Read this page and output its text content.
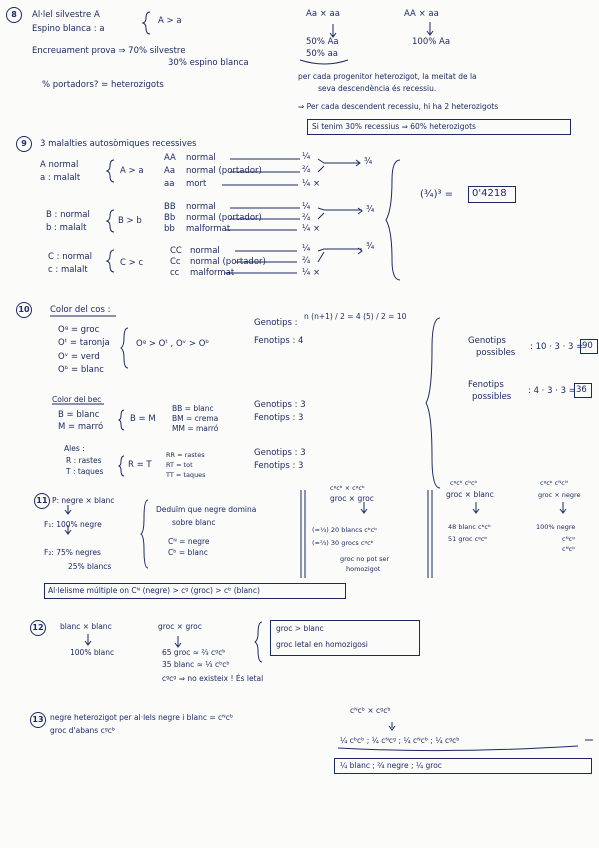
8	Al·lel silvestre A
Espino blanca : a
A > a
Aa × aa
50% Aa
50% aa
AA × aa
100% Aa
Encreuament prova ⇒ 70% silvestre
30% espino blanca
% portadors? = heterozigots
per cada progenitor heterozigot, la meitat de la
seva descendència és recessiu.
⇒ Per cada descendent recessiu, hi ha 2 heterozigots
Si tenim 30% recessius ⇒ 60% heterozigots
9	3 malalties autosòmiques recessives
A normal
a : malalt
A > a
AA normal	¼
Aa normal (portador)	²⁄₄
aa mort	¼ ×
¾
B : normal
b : malalt
B > b
BB normal	¼
Bb normal (portador)	²⁄₄
bb malformat	¼ ×
¾
C : normal
c : malalt
C > c
CC normal	¼
Cc normal (portador)	²⁄₄
cc malformat	¼ ×
¾
(¾)³ = 0'4218
10 Color del cos :
Oᵍ = groc
Oᵗ = taronja
Oᵛ = verd
Oᵇ = blanc
Oᵍ > Oᵗ , Oᵛ > Oᵇ
Genotips :
n (n+1) / 2 = 4 (5) / 2 = 10
Fenotips : 4
Color del bec
B = blanc
M = marró
B = M
BB = blanc
BM = crema
MM = marró
Genotips : 3
Fenotips : 3
Ales :
R : rastes
T : taques
R = T
RR = rastes
RT = tot
TT = taques
Genotips : 3
Fenotips : 3
Genotips
possibles
: 10 · 3 · 3 =
90
Fenotips
possibles
: 4 · 3 · 3 = 36
11 P: negre × blanc
F₁: 100% negre
F₂: 75% negres
25% blancs
Deduïm que negre domina
sobre blanc
Cᴺ = negre
Cᵇ = blanc
cᵍcᵇ × cᵍcᵇ
groc × groc
(≈⅓) 20 blancs cᵇcᵇ
(≈⅔) 30 grocs cᵍcᵇ
groc no pot ser
homozigot
cᵍcᵇ cᵇcᵇ
groc × blanc
48 blanc cᵇcᵇ
51 groc cᵍcᵇ
cᵍcᵇ cᴺcᴺ
groc × negre
100% negre
cᴺcᵍ
cᴺcᵇ
Al·lelisme múltiple on Cᴺ (negre) > cᵍ (groc) > cᵇ (blanc)
12	blanc × blanc
100% blanc
groc × groc
65 groc ≈ ⅔ cᵍcᵇ
35 blanc ≈ ⅓ cᵇcᵇ
cᵍcᵍ ⇒ no existeix ! És letal
groc > blanc
groc letal en homozigosi
13 negre heterozigot per al·lels negre i blanc = cᴺcᵇ
groc d'abans cᵍcᵇ
cᴺcᵇ × cᵍcᵇ
¼ cᵇcᵇ ; ¼ cᴺcᵍ ; ¼ cᴺcᵇ ; ¼ cᵍcᵇ
¼ blanc ; ²⁄₄ negre ; ¼ groc
